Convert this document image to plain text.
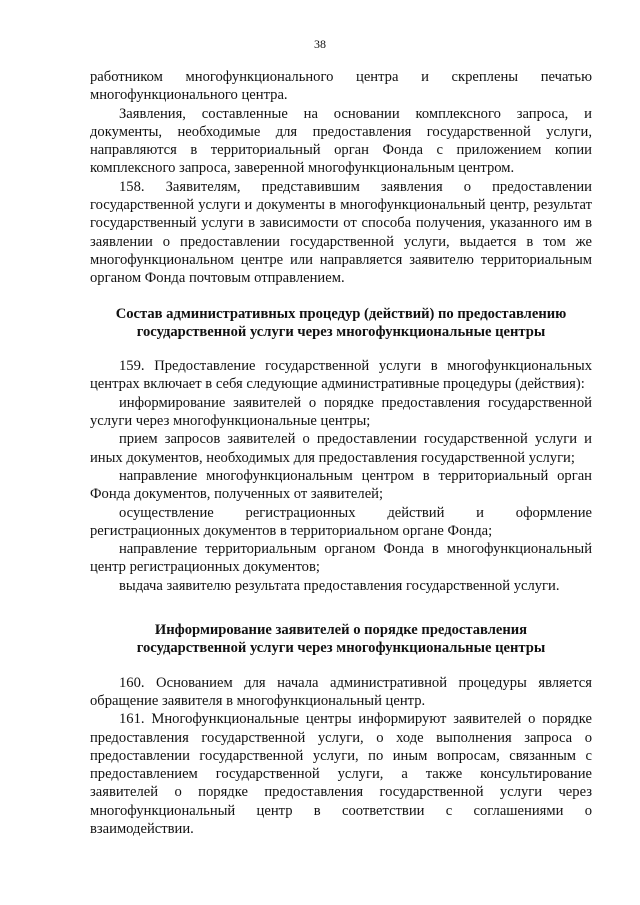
38

работником многофункционального центра и скреплены печатью многофункционального центра.

Заявления, составленные на основании комплексного запроса, и документы, необходимые для предоставления государственной услуги, направляются в территориальный орган Фонда с приложением копии комплексного запроса, заверенной многофункциональным центром.

158. Заявителям, представившим заявления о предоставлении государственной услуги и документы в многофункциональный центр, результат государственный услуги в зависимости от способа получения, указанного им в заявлении о предоставлении государственной услуги, выдается в том же многофункциональном центре или направляется заявителю территориальным органом Фонда почтовым отправлением.

Состав административных процедур (действий) по предоставлению
государственной услуги через многофункциональные центры

159. Предоставление государственной услуги в многофункциональных центрах включает в себя следующие административные процедуры (действия):

информирование заявителей о порядке предоставления государственной услуги через многофункциональные центры;

прием запросов заявителей о предоставлении государственной услуги и иных документов, необходимых для предоставления государственной услуги;

направление многофункциональным центром в территориальный орган Фонда документов, полученных от заявителей;

осуществление регистрационных действий и оформление регистрационных документов в территориальном органе Фонда;

направление территориальным органом Фонда в многофункциональный центр регистрационных документов;

выдача заявителю результата предоставления государственной услуги.

Информирование заявителей о порядке предоставления
государственной услуги через многофункциональные центры

160. Основанием для начала административной процедуры является обращение заявителя в многофункциональный центр.

161. Многофункциональные центры информируют заявителей о порядке предоставления государственной услуги, о ходе выполнения запроса о предоставлении государственной услуги, по иным вопросам, связанным с предоставлением государственной услуги, а также консультирование заявителей о порядке предоставления государственной услуги через многофункциональный центр в соответствии с соглашениями о взаимодействии.
